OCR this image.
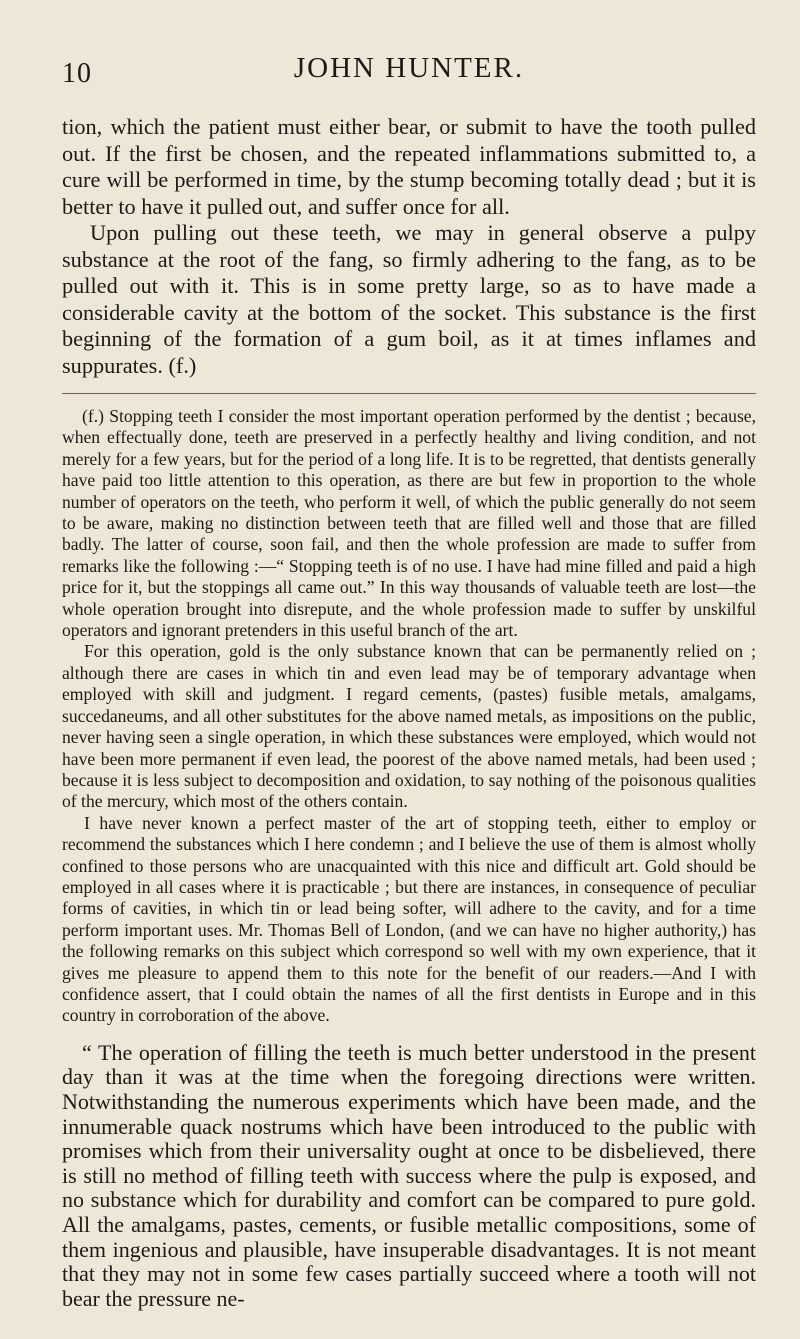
10	JOHN HUNTER.

tion, which the patient must either bear, or submit to have the tooth pulled out. If the first be chosen, and the repeated inflammations submitted to, a cure will be performed in time, by the stump becoming totally dead ; but it is better to have it pulled out, and suffer once for all.

Upon pulling out these teeth, we may in general observe a pulpy substance at the root of the fang, so firmly adhering to the fang, as to be pulled out with it. This is in some pretty large, so as to have made a considerable cavity at the bottom of the socket. This substance is the first beginning of the formation of a gum boil, as it at times inflames and suppurates. (f.)

(f.) Stopping teeth I consider the most important operation performed by the dentist ; because, when effectually done, teeth are preserved in a perfectly healthy and living condition, and not merely for a few years, but for the period of a long life. It is to be regretted, that dentists generally have paid too little attention to this operation, as there are but few in proportion to the whole number of operators on the teeth, who perform it well, of which the public generally do not seem to be aware, making no distinction between teeth that are filled well and those that are filled badly. The latter of course, soon fail, and then the whole profession are made to suffer from remarks like the following :—“ Stopping teeth is of no use. I have had mine filled and paid a high price for it, but the stoppings all came out.” In this way thousands of valuable teeth are lost—the whole operation brought into disrepute, and the whole profession made to suffer by unskilful operators and ignorant pretenders in this useful branch of the art.

For this operation, gold is the only substance known that can be permanently relied on ; although there are cases in which tin and even lead may be of temporary advantage when employed with skill and judgment. I regard cements, (pastes) fusible metals, amalgams, succedaneums, and all other substitutes for the above named metals, as impositions on the public, never having seen a single operation, in which these substances were employed, which would not have been more permanent if even lead, the poorest of the above named metals, had been used ; because it is less subject to decomposition and oxidation, to say nothing of the poisonous qualities of the mercury, which most of the others contain.

I have never known a perfect master of the art of stopping teeth, either to employ or recommend the substances which I here condemn ; and I believe the use of them is almost wholly confined to those persons who are unacquainted with this nice and difficult art. Gold should be employed in all cases where it is practicable ; but there are instances, in consequence of peculiar forms of cavities, in which tin or lead being softer, will adhere to the cavity, and for a time perform important uses. Mr. Thomas Bell of London, (and we can have no higher authority,) has the following remarks on this subject which correspond so well with my own experience, that it gives me pleasure to append them to this note for the benefit of our readers.—And I with confidence assert, that I could obtain the names of all the first dentists in Europe and in this country in corroboration of the above.

“ The operation of filling the teeth is much better understood in the present day than it was at the time when the foregoing directions were written. Notwithstanding the numerous experiments which have been made, and the innumerable quack nostrums which have been introduced to the public with promises which from their universality ought at once to be disbelieved, there is still no method of filling teeth with success where the pulp is exposed, and no substance which for durability and comfort can be compared to pure gold. All the amalgams, pastes, cements, or fusible metallic compositions, some of them ingenious and plausible, have insuperable disadvantages. It is not meant that they may not in some few cases partially succeed where a tooth will not bear the pressure ne-
